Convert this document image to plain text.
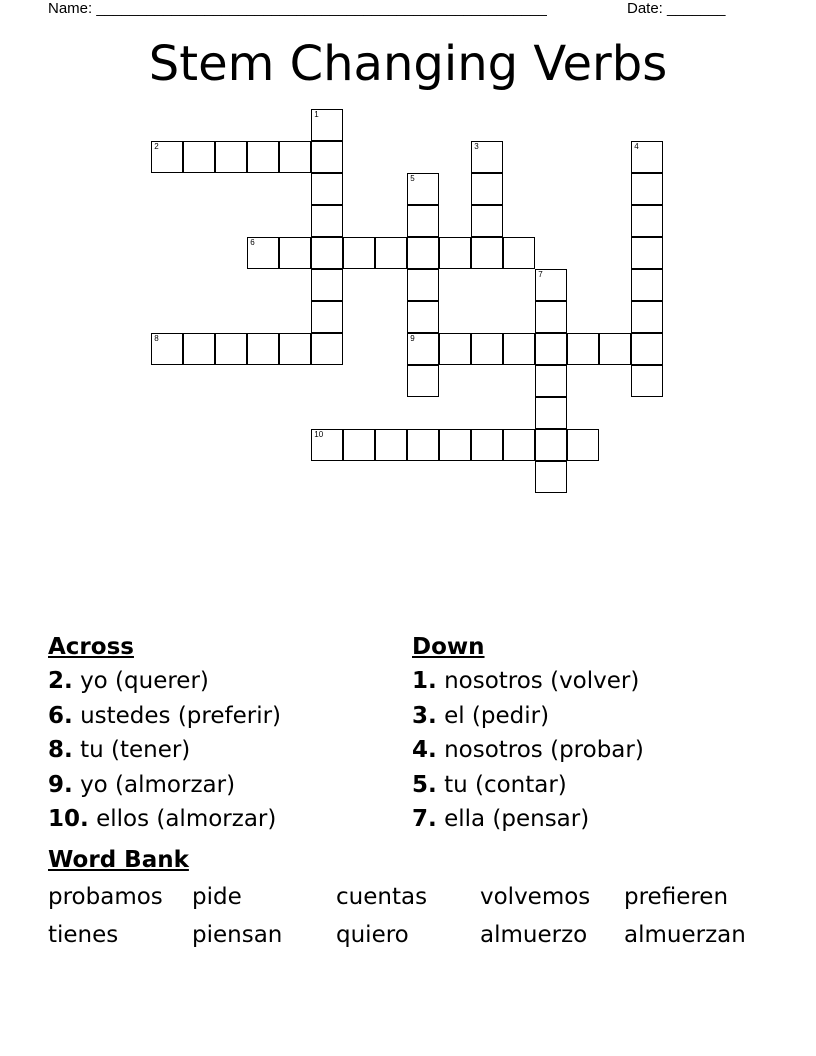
Name: ______________________________________________________	Date: _______
Stem Changing Verbs
1
2	3	4
5
9
6
7
8
10
Across
2. yo (querer)
6. ustedes (preferir)
8. tu (tener)
9. yo (almorzar)
10. ellos (almorzar)
Down
1. nosotros (volver)
3. el (pedir)
4. nosotros (probar)
5. tu (contar)
7. ella (pensar)
Word Bank
probamos pide	cuentas volvemos prefieren
tienes	piensan quiero	almuerzo almuerzan
